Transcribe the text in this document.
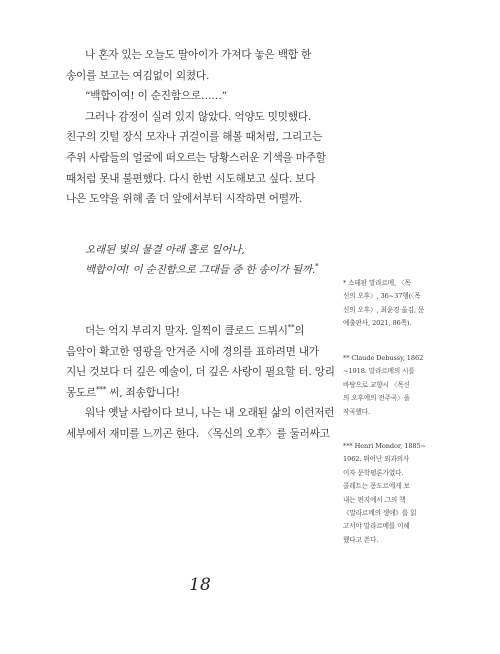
나 혼자 있는 오늘도 딸아이가 가져다 놓은 백합 한

송이를 보고는 여김없이 외쳤다.

“백합이여! 이 순진함으로……”

그러나 감정이 실려 있지 않았다. 억양도 밋밋했다.

친구의 깃털 장식 모자나 귀걸이를 해볼 때처럼, 그리고는

주위 사람들의 얼굴에 떠오르는 당황스러운 기색을 마주할

때처럼 못내 불편했다. 다시 한번 시도해보고 싶다. 보다

나은 도약을 위해 좀 더 앞에서부터 시작하면 어떨까.

오래된 빛의 물결 아래 홀로 일어나,

백합이여! 이 순진함으로 그대들 중 한 송이가 될까.*

더는 억지 부리지 말자. 일찍이 클로드 드뷔시**의

음악이 확고한 영광을 안겨준 시에 경의를 표하려면 내가

지닌 것보다 더 깊은 예술이, 더 깊은 사랑이 필요할 터. 앙리

몽도르*** 씨, 죄송합니다!

워낙 옛날 사람이다 보니, 나는 내 오래된 삶의 이런저런

세부에서 재미를 느끼곤 한다. 〈목신의 오후〉를 둘러싸고

* 스테판 말라르메, 〈목

신의 오후〉, 36~37행(〈목

신의 오후〉, 최윤경 옮김, 문

예출판사, 2021, 86쪽).

** Claude Debussy, 1862

~1918. 말라르메의 시를

바탕으로 교향시 〈목신

의 오후에의 전주곡〉을

작곡했다.

*** Henri Mondor, 1885~

1962. 뛰어난 외과의사

이자 문학평론가였다.

콜레트는 몽도르에게 보

내는 편지에서 그의 책

《말라르메의 생애》를 읽

고서야 말라르메를 이해

했다고 쓴다.

18
